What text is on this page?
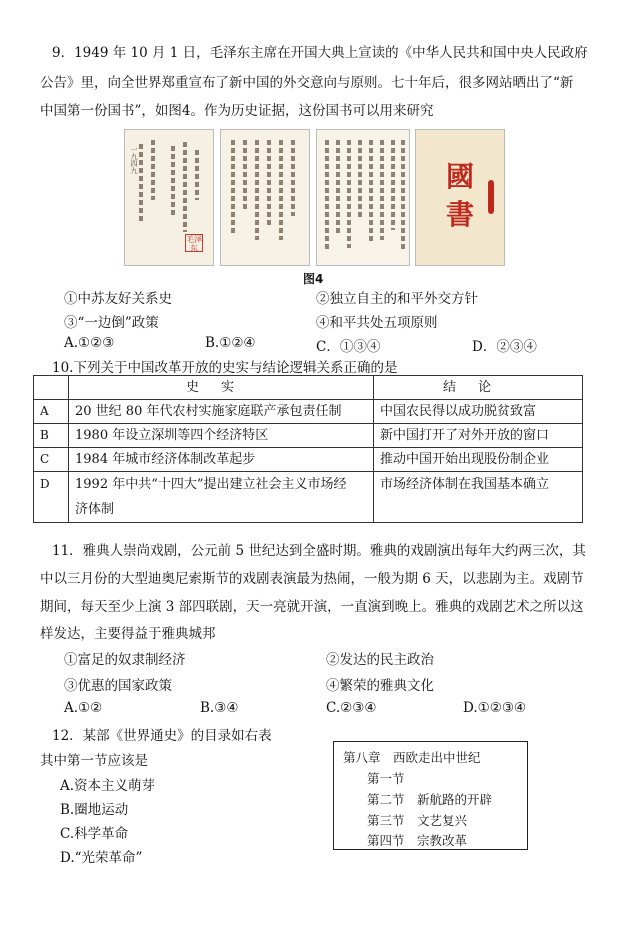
9．1949 年 10 月 1 日，毛泽东主席在开国大典上宣读的《中华人民共和国中央人民政府
公告》里，向全世界郑重宣布了新中国的外交意向与原则。七十年后，很多网站晒出了“新
中国第一份国书”，如图4。作为历史证据，这份国书可以用来研究
一九四九
毛泽东
國書
图4
①中苏友好关系史	②独立自主的和平外交方针
③“一边倒”政策	④和平共处五项原则
A.①②③	B.①②④	C．①③④	D．②③④
10.下列关于中国改革开放的史实与结论逻辑关系正确的是
	史实	结论
A	20 世纪 80 年代农村实施家庭联产承包责任制	中国农民得以成功脱贫致富
B	1980 年设立深圳等四个经济特区	新中国打开了对外开放的窗口
C	1984 年城市经济体制改革起步	推动中国开始出现股份制企业
D	1992 年中共“十四大”提出建立社会主义市场经
济体制	市场经济体制在我国基本确立
11．雅典人崇尚戏剧，公元前 5 世纪达到全盛时期。雅典的戏剧演出每年大约两三次，其
中以三月份的大型迪奥尼索斯节的戏剧表演最为热闹，一般为期 6 天，以悲剧为主。戏剧节
期间，每天至少上演 3 部四联剧，天一亮就开演，一直演到晚上。雅典的戏剧艺术之所以这
样发达，主要得益于雅典城邦
①富足的奴隶制经济	②发达的民主政治
③优惠的国家政策	④繁荣的雅典文化
A.①②	B.③④	C.②③④	D.①②③④
12．某部《世界通史》的目录如右表
其中第一节应该是
A.资本主义萌芽
B.圈地运动
C.科学革命
D.“光荣革命”
第八章　西欧走出中世纪
第一节
第二节　新航路的开辟
第三节　文艺复兴
第四节　宗教改革
